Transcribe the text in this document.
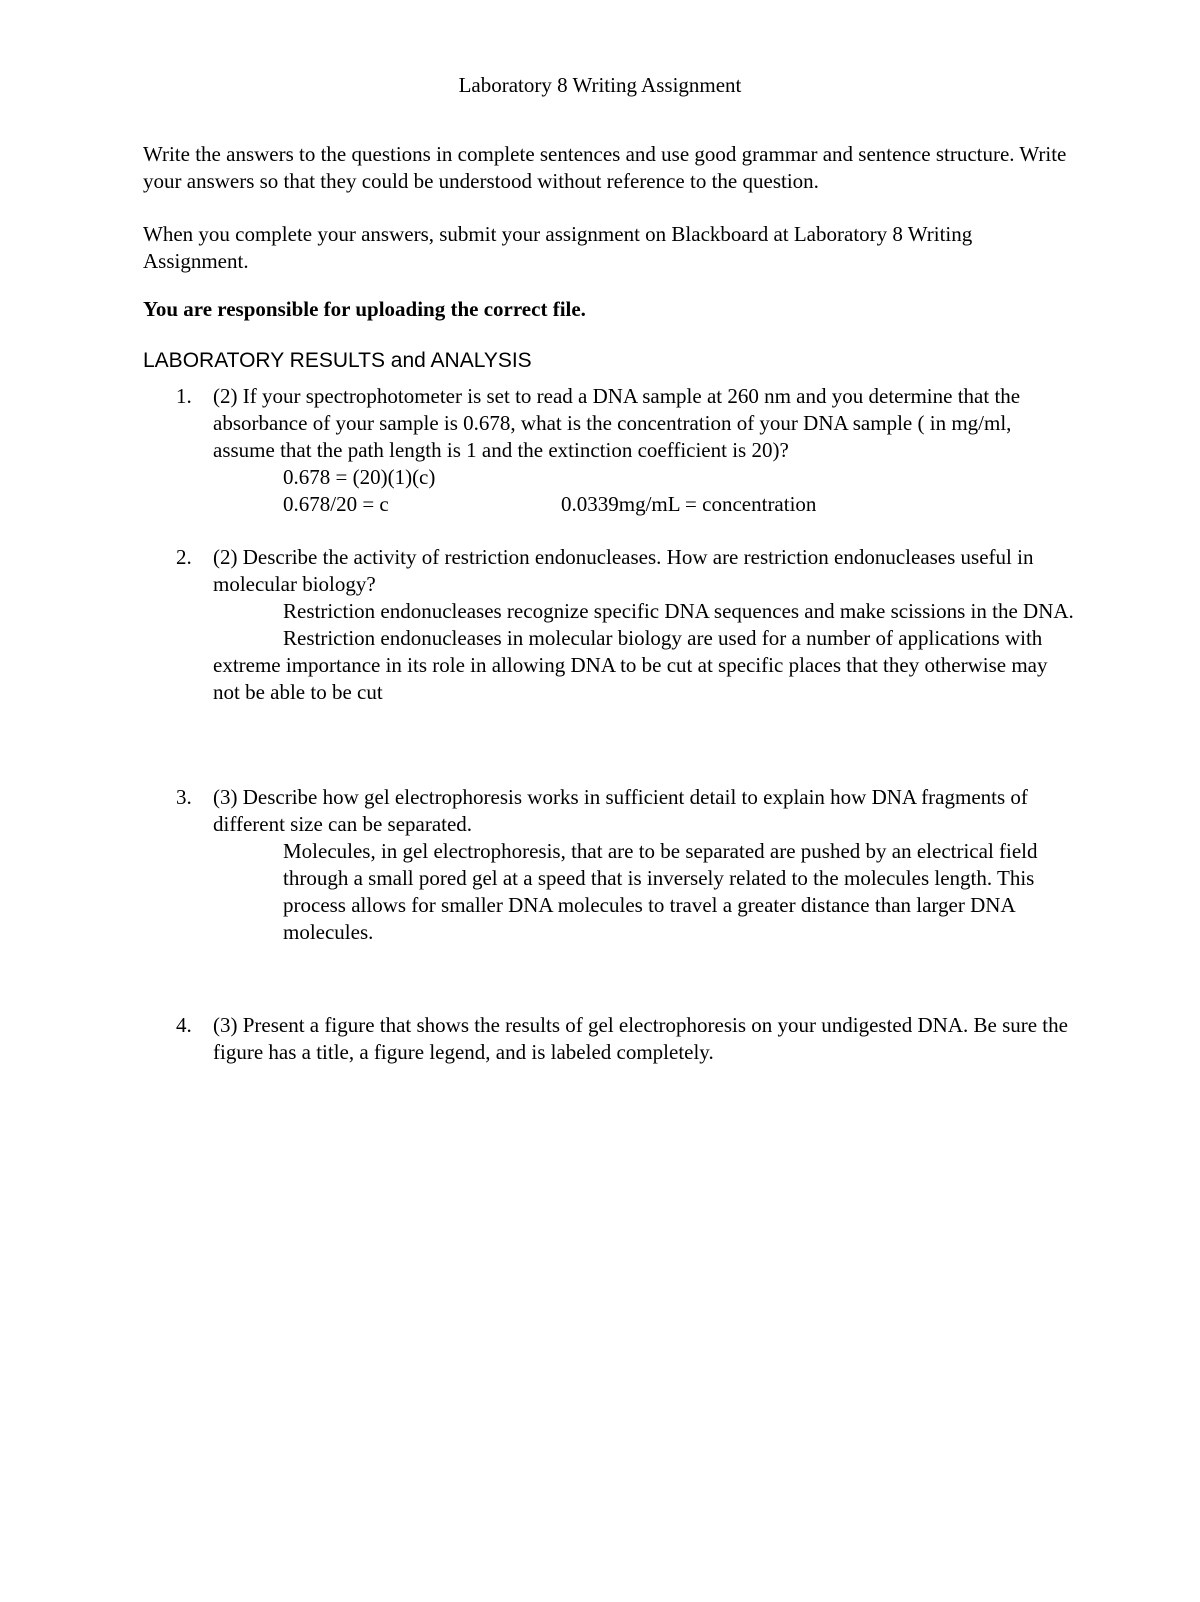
Laboratory 8 Writing Assignment
Write the answers to the questions in complete sentences and use good grammar and sentence structure. Write your answers so that they could be understood without reference to the question.
When you complete your answers, submit your assignment on Blackboard at Laboratory 8 Writing Assignment.
You are responsible for uploading the correct file.
LABORATORY RESULTS and ANALYSIS
1.	(2) If your spectrophotometer is set to read a DNA sample at 260 nm and you determine that the absorbance of your sample is 0.678, what is the concentration of your DNA sample ( in mg/ml, assume that the path length is 1 and the extinction coefficient is 20)?
0.678 = (20)(1)(c)
0.678/20 = c	0.0339mg/mL = concentration
2.	(2) Describe the activity of restriction endonucleases. How are restriction endonucleases useful in molecular biology?
Restriction endonucleases recognize specific DNA sequences and make scissions in the DNA.
Restriction endonucleases in molecular biology are used for a number of applications with extreme importance in its role in allowing DNA to be cut at specific places that they otherwise may not be able to be cut
3.	(3) Describe how gel electrophoresis works in sufficient detail to explain how DNA fragments of different size can be separated.
Molecules, in gel electrophoresis, that are to be separated are pushed by an electrical field through a small pored gel at a speed that is inversely related to the molecules length. This process allows for smaller DNA molecules to travel a greater distance than larger DNA molecules.
4.	(3) Present a figure that shows the results of gel electrophoresis on your undigested DNA. Be sure the figure has a title, a figure legend, and is labeled completely.
